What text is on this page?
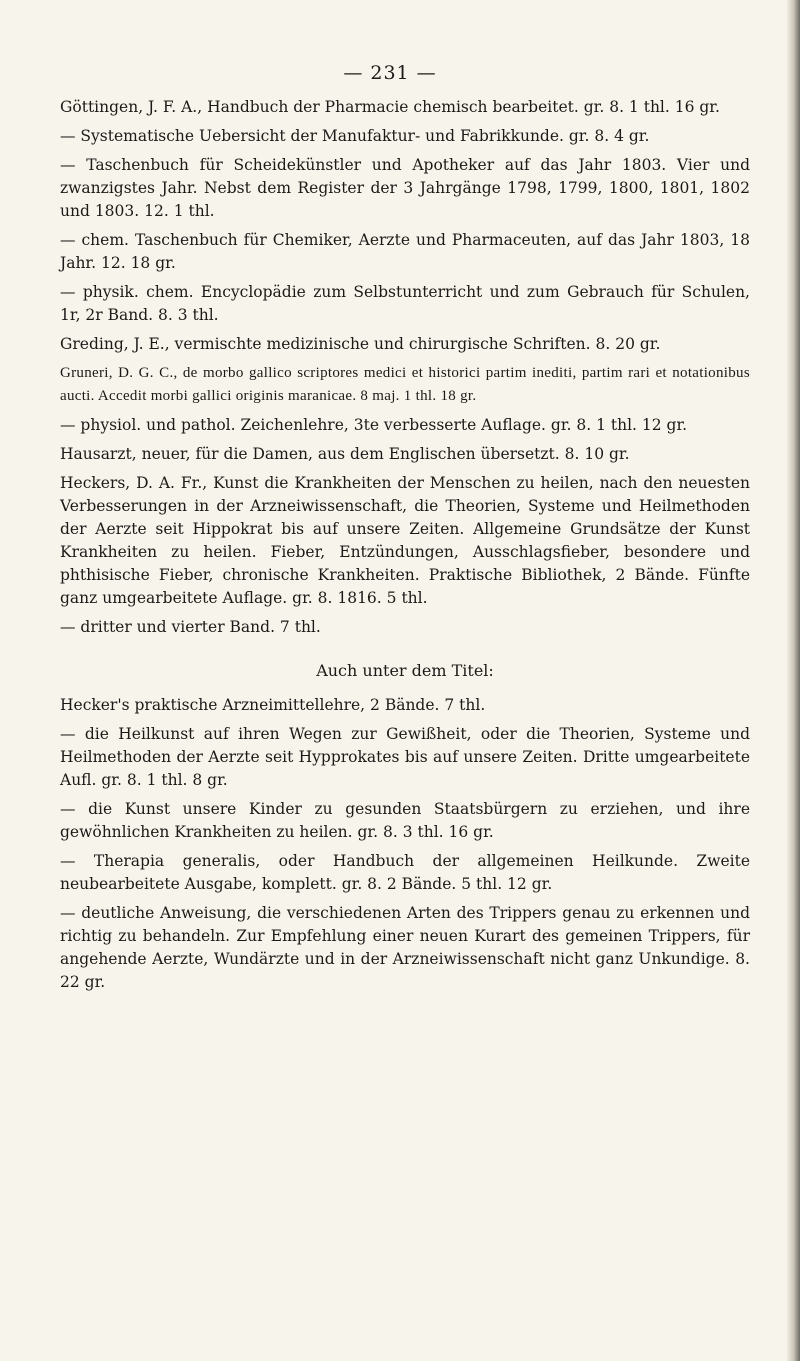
— 231 —

Göttingen, J. F. A., Handbuch der Pharmacie chemisch bearbeitet. gr. 8. 1 thl. 16 gr.

— Systematische Uebersicht der Manufaktur- und Fabrikkunde. gr. 8. 4 gr.

— Taschenbuch für Scheidekünstler und Apotheker auf das Jahr 1803. Vier und zwanzigstes Jahr. Nebst dem Register der 3 Jahrgänge 1798, 1799, 1800, 1801, 1802 und 1803. 12. 1 thl.

— chem. Taschenbuch für Chemiker, Aerzte und Pharmaceuten, auf das Jahr 1803, 18 Jahr. 12. 18 gr.

— physik. chem. Encyclopädie zum Selbstunterricht und zum Gebrauch für Schulen, 1r, 2r Band. 8. 3 thl.

Greding, J. E., vermischte medizinische und chirurgische Schriften. 8. 20 gr.

Gruneri, D. G. C., de morbo gallico scriptores medici et historici partim inediti, partim rari et notationibus aucti. Accedit morbi gallici originis maranicae. 8 maj. 1 thl. 18 gr.

— physiol. und pathol. Zeichenlehre, 3te verbesserte Auflage. gr. 8. 1 thl. 12 gr.

Hausarzt, neuer, für die Damen, aus dem Englischen übersetzt. 8. 10 gr.

Heckers, D. A. Fr., Kunst die Krankheiten der Menschen zu heilen, nach den neuesten Verbesserungen in der Arzneiwissenschaft, die Theorien, Systeme und Heilmethoden der Aerzte seit Hippokrat bis auf unsere Zeiten. Allgemeine Grundsätze der Kunst Krankheiten zu heilen. Fieber, Entzündungen, Ausschlagsfieber, besondere und phthisische Fieber, chronische Krankheiten. Praktische Bibliothek, 2 Bände. Fünfte ganz umgearbeitete Auflage. gr. 8. 1816. 5 thl.

— dritter und vierter Band. 7 thl.

Auch unter dem Titel:

Hecker's praktische Arzneimittellehre, 2 Bände. 7 thl.

— die Heilkunst auf ihren Wegen zur Gewißheit, oder die Theorien, Systeme und Heilmethoden der Aerzte seit Hypprokates bis auf unsere Zeiten. Dritte umgearbeitete Aufl. gr. 8. 1 thl. 8 gr.

— die Kunst unsere Kinder zu gesunden Staatsbürgern zu erziehen, und ihre gewöhnlichen Krankheiten zu heilen. gr. 8. 3 thl. 16 gr.

— Therapia generalis, oder Handbuch der allgemeinen Heilkunde. Zweite neubearbeitete Ausgabe, komplett. gr. 8. 2 Bände. 5 thl. 12 gr.

— deutliche Anweisung, die verschiedenen Arten des Trippers genau zu erkennen und richtig zu behandeln. Zur Empfehlung einer neuen Kurart des gemeinen Trippers, für angehende Aerzte, Wundärzte und in der Arzneiwissenschaft nicht ganz Unkundige. 8. 22 gr.
